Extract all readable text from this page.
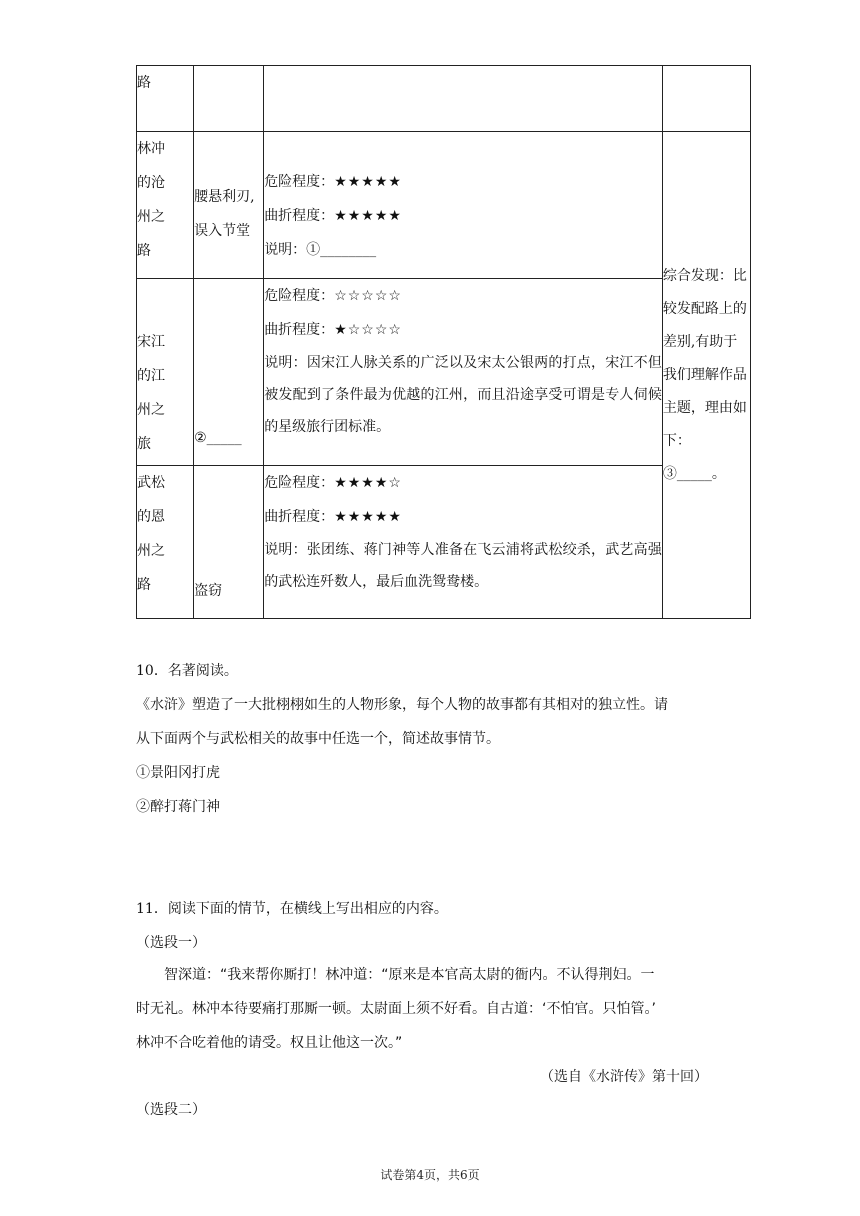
路			

林冲
的沧
州之
路	腰悬利刃,误入节堂	危险程度：★★★★★
曲折程度：★★★★★
说明：①________	综合发现：比较发配路上的差别,有助于我们理解作品主题，理由如下：③_____。

宋江
的江
州之
旅	②_____	危险程度：☆☆☆☆☆
曲折程度：★☆☆☆☆
说明：因宋江人脉关系的广泛以及宋太公银两的打点，宋江不但被发配到了条件最为优越的江州，而且沿途享受可谓是专人伺候的星级旅行团标准。	

武松
的恩
州之
路	盗窃	危险程度：★★★★☆
曲折程度：★★★★★
说明：张团练、蒋门神等人准备在飞云浦将武松绞杀，武艺高强的武松连歼数人，最后血洗鸳鸯楼。	

10．名著阅读。

《水浒》塑造了一大批栩栩如生的人物形象，每个人物的故事都有其相对的独立性。请

从下面两个与武松相关的故事中任选一个，简述故事情节。

①景阳冈打虎

②醉打蒋门神

11．阅读下面的情节，在横线上写出相应的内容。

（选段一）

智深道：“我来帮你厮打！林冲道：“原来是本官高太尉的衙内。不认得荆妇。一
时无礼。林冲本待要痛打那厮一顿。太尉面上须不好看。自古道：‘不怕官。只怕管。’
林冲不合吃着他的请受。权且让他这一次。”
（选自《水浒传》第十回）

（选段二）

试卷第4页，共6页
